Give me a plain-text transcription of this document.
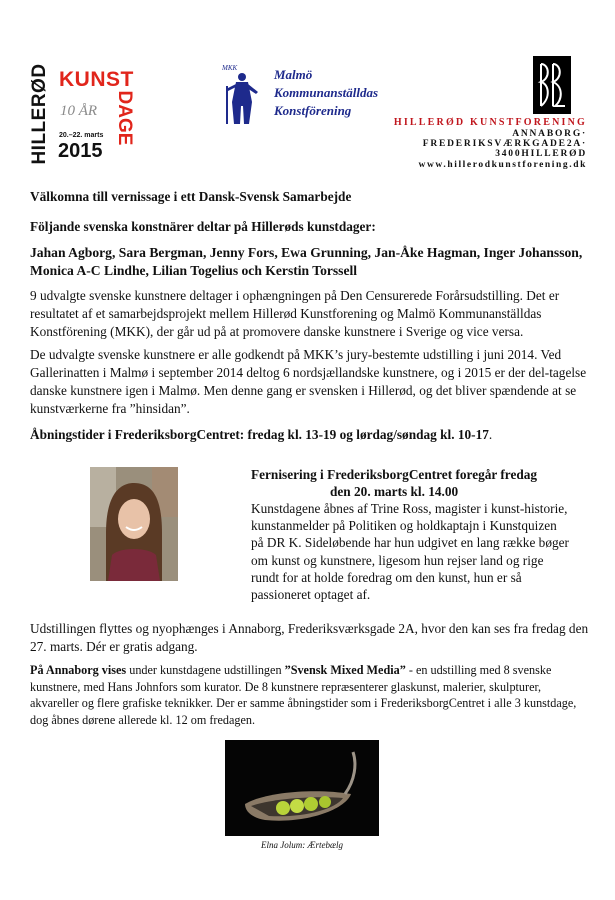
HILLERØD KUNST
10 ÅR DAGE
20.–22. marts
2015
MKK	Malmö
Kommunanställdas
Konstförening
HILLERØD KUNSTFORENING
ANNABORG·
FREDERIKSVÆRKGADE2A·
3400HILLERØD
www.hillerodkunstforening.dk
Välkomna till vernissage i ett Dansk-Svensk Samarbejde
Följande svenska konstnärer deltar på Hillerøds kunstdager:
Jahan Agborg, Sara Bergman, Jenny Fors, Ewa Grunning, Jan-Åke Hagman, Inger Johansson, Monica A-C Lindhe, Lilian Togelius och Kerstin Torssell
9 udvalgte svenske kunstnere deltager i ophængningen på Den Censurerede Forårsudstilling. Det er resultatet af et samarbejdsprojekt mellem Hillerød Kunstforening og Malmö Kommunanställdas Konstförening (MKK), der går ud på at promovere danske kunstnere i Sverige og vice versa.
De udvalgte svenske kunstnere er alle godkendt på MKK’s jury-bestemte udstilling i juni 2014. Ved Gallerinatten i Malmø i september 2014 deltog 6 nordsjællandske kunstnere, og i 2015 er der del-tagelse danske kunstnere igen i Malmø. Men denne gang er svensken i Hillerød, og det bliver spændende at se kunstværkerne fra ”hinsidan”.
Åbningstider i FrederiksborgCentret: fredag kl. 13-19 og lørdag/søndag kl. 10-17.
Fernisering i FrederiksborgCentret foregår fredag
den 20. marts kl. 14.00
Kunstdagene åbnes af Trine Ross, magister i kunst-historie, kunstanmelder på Politiken og holdkaptajn i Kunstquizen på DR K. Sideløbende har hun udgivet en lang række bøger om kunst og kunstnere, ligesom hun rejser land og rige rundt for at holde foredrag om den kunst, hun er så passioneret optaget af.
Udstillingen flyttes og nyophænges i Annaborg, Frederiksværksgade 2A, hvor den kan ses fra fredag den 27. marts. Dér er gratis adgang.
På Annaborg vises under kunstdagene udstillingen ”Svensk Mixed Media” - en udstilling med 8 svenske kunstnere, med Hans Johnfors som kurator. De 8 kunstnere repræsenterer glaskunst, malerier, skulpturer, akvareller og flere grafiske teknikker. Der er samme åbningstider som i FrederiksborgCentret i alle 3 kunstdage, dog åbnes dørene allerede kl. 12 om fredagen.
Elna Jolum: Ærtebælg
